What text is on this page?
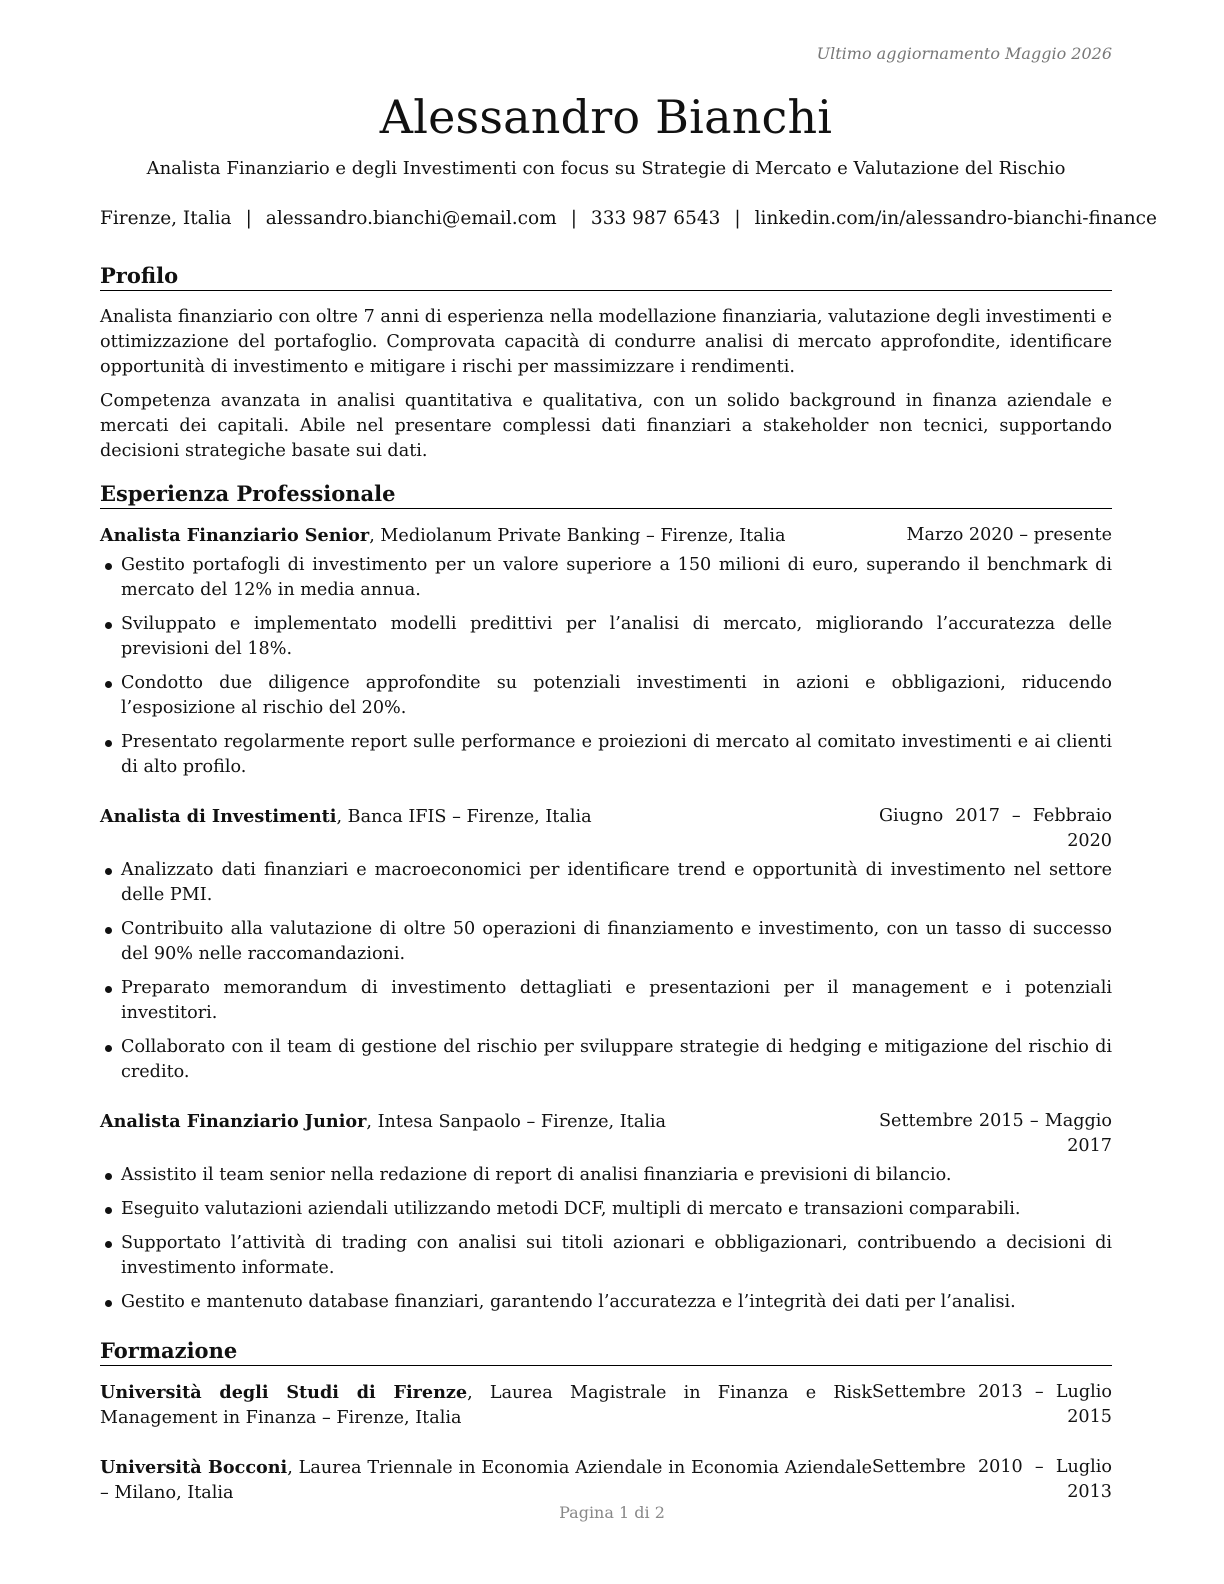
Ultimo aggiornamento Maggio 2026
Alessandro Bianchi
Analista Finanziario e degli Investimenti con focus su Strategie di Mercato e Valutazione del Rischio
Firenze, Italia | alessandro.bianchi@email.com | 333 987 6543 | linkedin.com/in/alessandro-bianchi-finance
Profilo

Analista finanziario con oltre 7 anni di esperienza nella modellazione finanziaria, valutazione degli investimenti e ottimizzazione del portafoglio. Comprovata capacità di condurre analisi di mercato approfondite, identificare opportunità di investimento e mitigare i rischi per massimizzare i rendimenti.

Competenza avanzata in analisi quantitativa e qualitativa, con un solido background in finanza aziendale e mercati dei capitali. Abile nel presentare complessi dati finanziari a stakeholder non tecnici, supportando decisioni strategiche basate sui dati.

Esperienza Professionale
Analista Finanziario Senior, Mediolanum Private Banking – Firenze, Italia	Marzo 2020 – presente
Gestito portafogli di investimento per un valore superiore a 150 milioni di euro, superando il benchmark di mercato del 12% in media annua.
Sviluppato e implementato modelli predittivi per l’analisi di mercato, migliorando l’accuratezza delle previsioni del 18%.
Condotto due diligence approfondite su potenziali investimenti in azioni e obbligazioni, riducendo l’esposizione al rischio del 20%.
Presentato regolarmente report sulle performance e proiezioni di mercato al comitato investimenti e ai clienti di alto profilo.
Analista di Investimenti, Banca IFIS – Firenze, Italia	Giugno 2017 – Febbraio 2020
Analizzato dati finanziari e macroeconomici per identificare trend e opportunità di investimento nel settore delle PMI.
Contribuito alla valutazione di oltre 50 operazioni di finanziamento e investimento, con un tasso di successo del 90% nelle raccomandazioni.
Preparato memorandum di investimento dettagliati e presentazioni per il management e i potenziali investitori.
Collaborato con il team di gestione del rischio per sviluppare strategie di hedging e mitigazione del rischio di credito.
Analista Finanziario Junior, Intesa Sanpaolo – Firenze, Italia	Settembre 2015 – Maggio 2017
Assistito il team senior nella redazione di report di analisi finanziaria e previsioni di bilancio.
Eseguito valutazioni aziendali utilizzando metodi DCF, multipli di mercato e transazioni comparabili.
Supportato l’attività di trading con analisi sui titoli azionari e obbligazionari, contribuendo a decisioni di investimento informate.
Gestito e mantenuto database finanziari, garantendo l’accuratezza e l’integrità dei dati per l’analisi.
Formazione
Università degli Studi di Firenze, Laurea Magistrale in Finanza e Risk Management in Finanza – Firenze, Italia
Settembre 2013 – Luglio 2015
Università Bocconi, Laurea Triennale in Economia Aziendale in Economia Aziendale – Milano, Italia
Settembre 2010 – Luglio 2013
Pagina 1 di 2
